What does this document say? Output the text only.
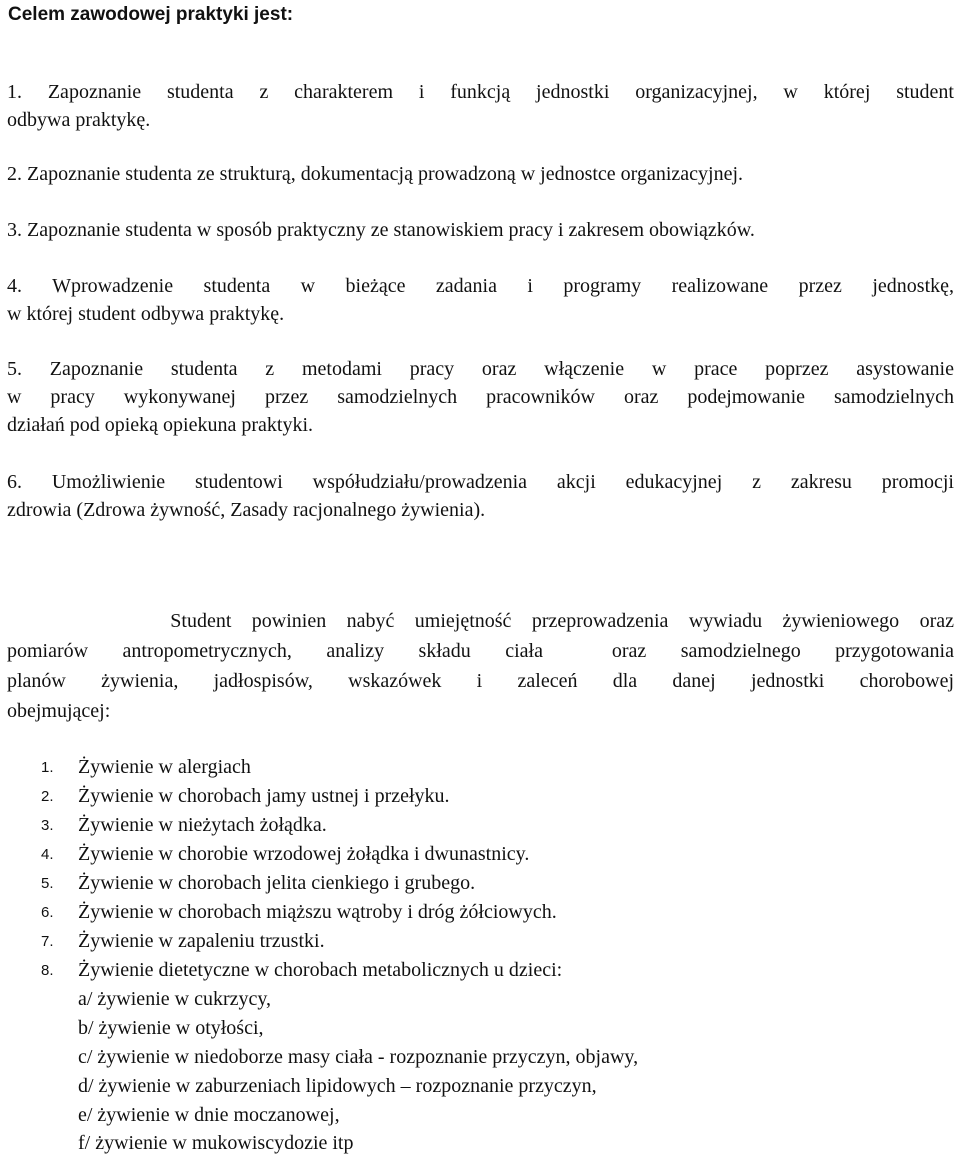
Celem zawodowej praktyki jest:
1. Zapoznanie studenta z charakterem i funkcją jednostki organizacyjnej, w której student
odbywa praktykę.
2. Zapoznanie studenta ze strukturą, dokumentacją prowadzoną w jednostce organizacyjnej.
3. Zapoznanie studenta w sposób praktyczny ze stanowiskiem pracy i zakresem obowiązków.
4. Wprowadzenie studenta w bieżące zadania i programy realizowane przez jednostkę,
w której student odbywa praktykę.
5. Zapoznanie studenta z metodami pracy oraz włączenie w prace poprzez asystowanie
w pracy wykonywanej przez samodzielnych pracowników oraz podejmowanie samodzielnych
działań pod opieką opiekuna praktyki.
6. Umożliwienie studentowi współudziału/prowadzenia akcji edukacyjnej z zakresu promocji
zdrowia (Zdrowa żywność, Zasady racjonalnego żywienia).
Student powinien nabyć umiejętność przeprowadzenia wywiadu żywieniowego oraz
pomiarów antropometrycznych, analizy składu ciała  oraz samodzielnego przygotowania
planów żywienia, jadłospisów, wskazówek i zaleceń dla danej jednostki chorobowej
obejmującej:
1. Żywienie w alergiach
2. Żywienie w chorobach jamy ustnej i przełyku.
3. Żywienie w nieżytach żołądka.
4. Żywienie w chorobie wrzodowej żołądka i dwunastnicy.
5. Żywienie w chorobach jelita cienkiego i grubego.
6. Żywienie w chorobach miąższu wątroby i dróg żółciowych.
7. Żywienie w zapaleniu trzustki.
8. Żywienie dietetyczne w chorobach metabolicznych u dzieci:
a/ żywienie w cukrzycy,
b/ żywienie w otyłości,
c/ żywienie w niedoborze masy ciała - rozpoznanie przyczyn, objawy,
d/ żywienie w zaburzeniach lipidowych – rozpoznanie przyczyn,
e/ żywienie w dnie moczanowej,
f/ żywienie w mukowiscydozie itp
